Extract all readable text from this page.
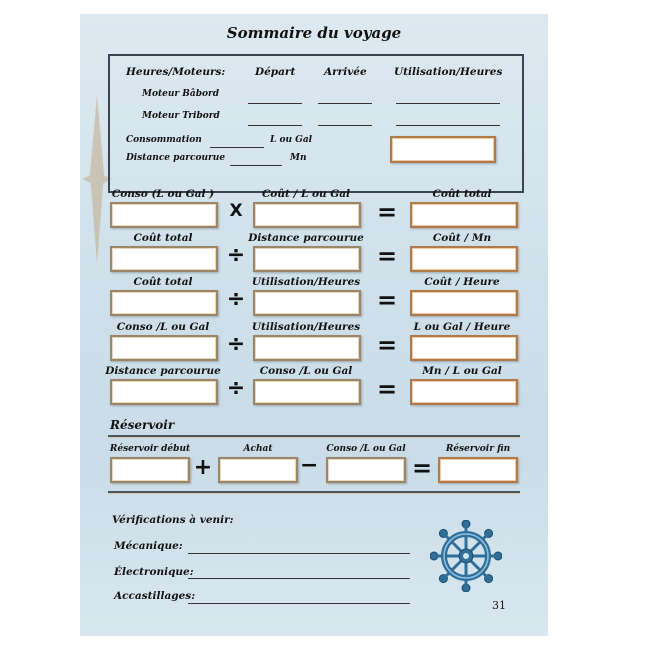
Sommaire du voyage
Heures/Moteurs:	Départ	Arrivée	Utilisation/Heures
Moteur Bâbord
Moteur Tribord
Consommation	L ou Gal
Distance parcourue	Mn
Conso (L ou Gal )	Coût / L ou Gal	Coût total
X	=
Coût total	Distance parcourue	Coût / Mn
÷	=
Coût total	Utilisation/Heures	Coût / Heure
÷	=
Conso /L ou Gal	Utilisation/Heures	L ou Gal / Heure
÷	=
Distance parcourue	Conso /L ou Gal	Mn / L ou Gal
÷	=
Réservoir
Réservoir début	Achat	Conso /L ou Gal	Réservoir fin
+	−	=
Vérifications à venir:
Mécanique:
Électronique:
Accastillages:
31
